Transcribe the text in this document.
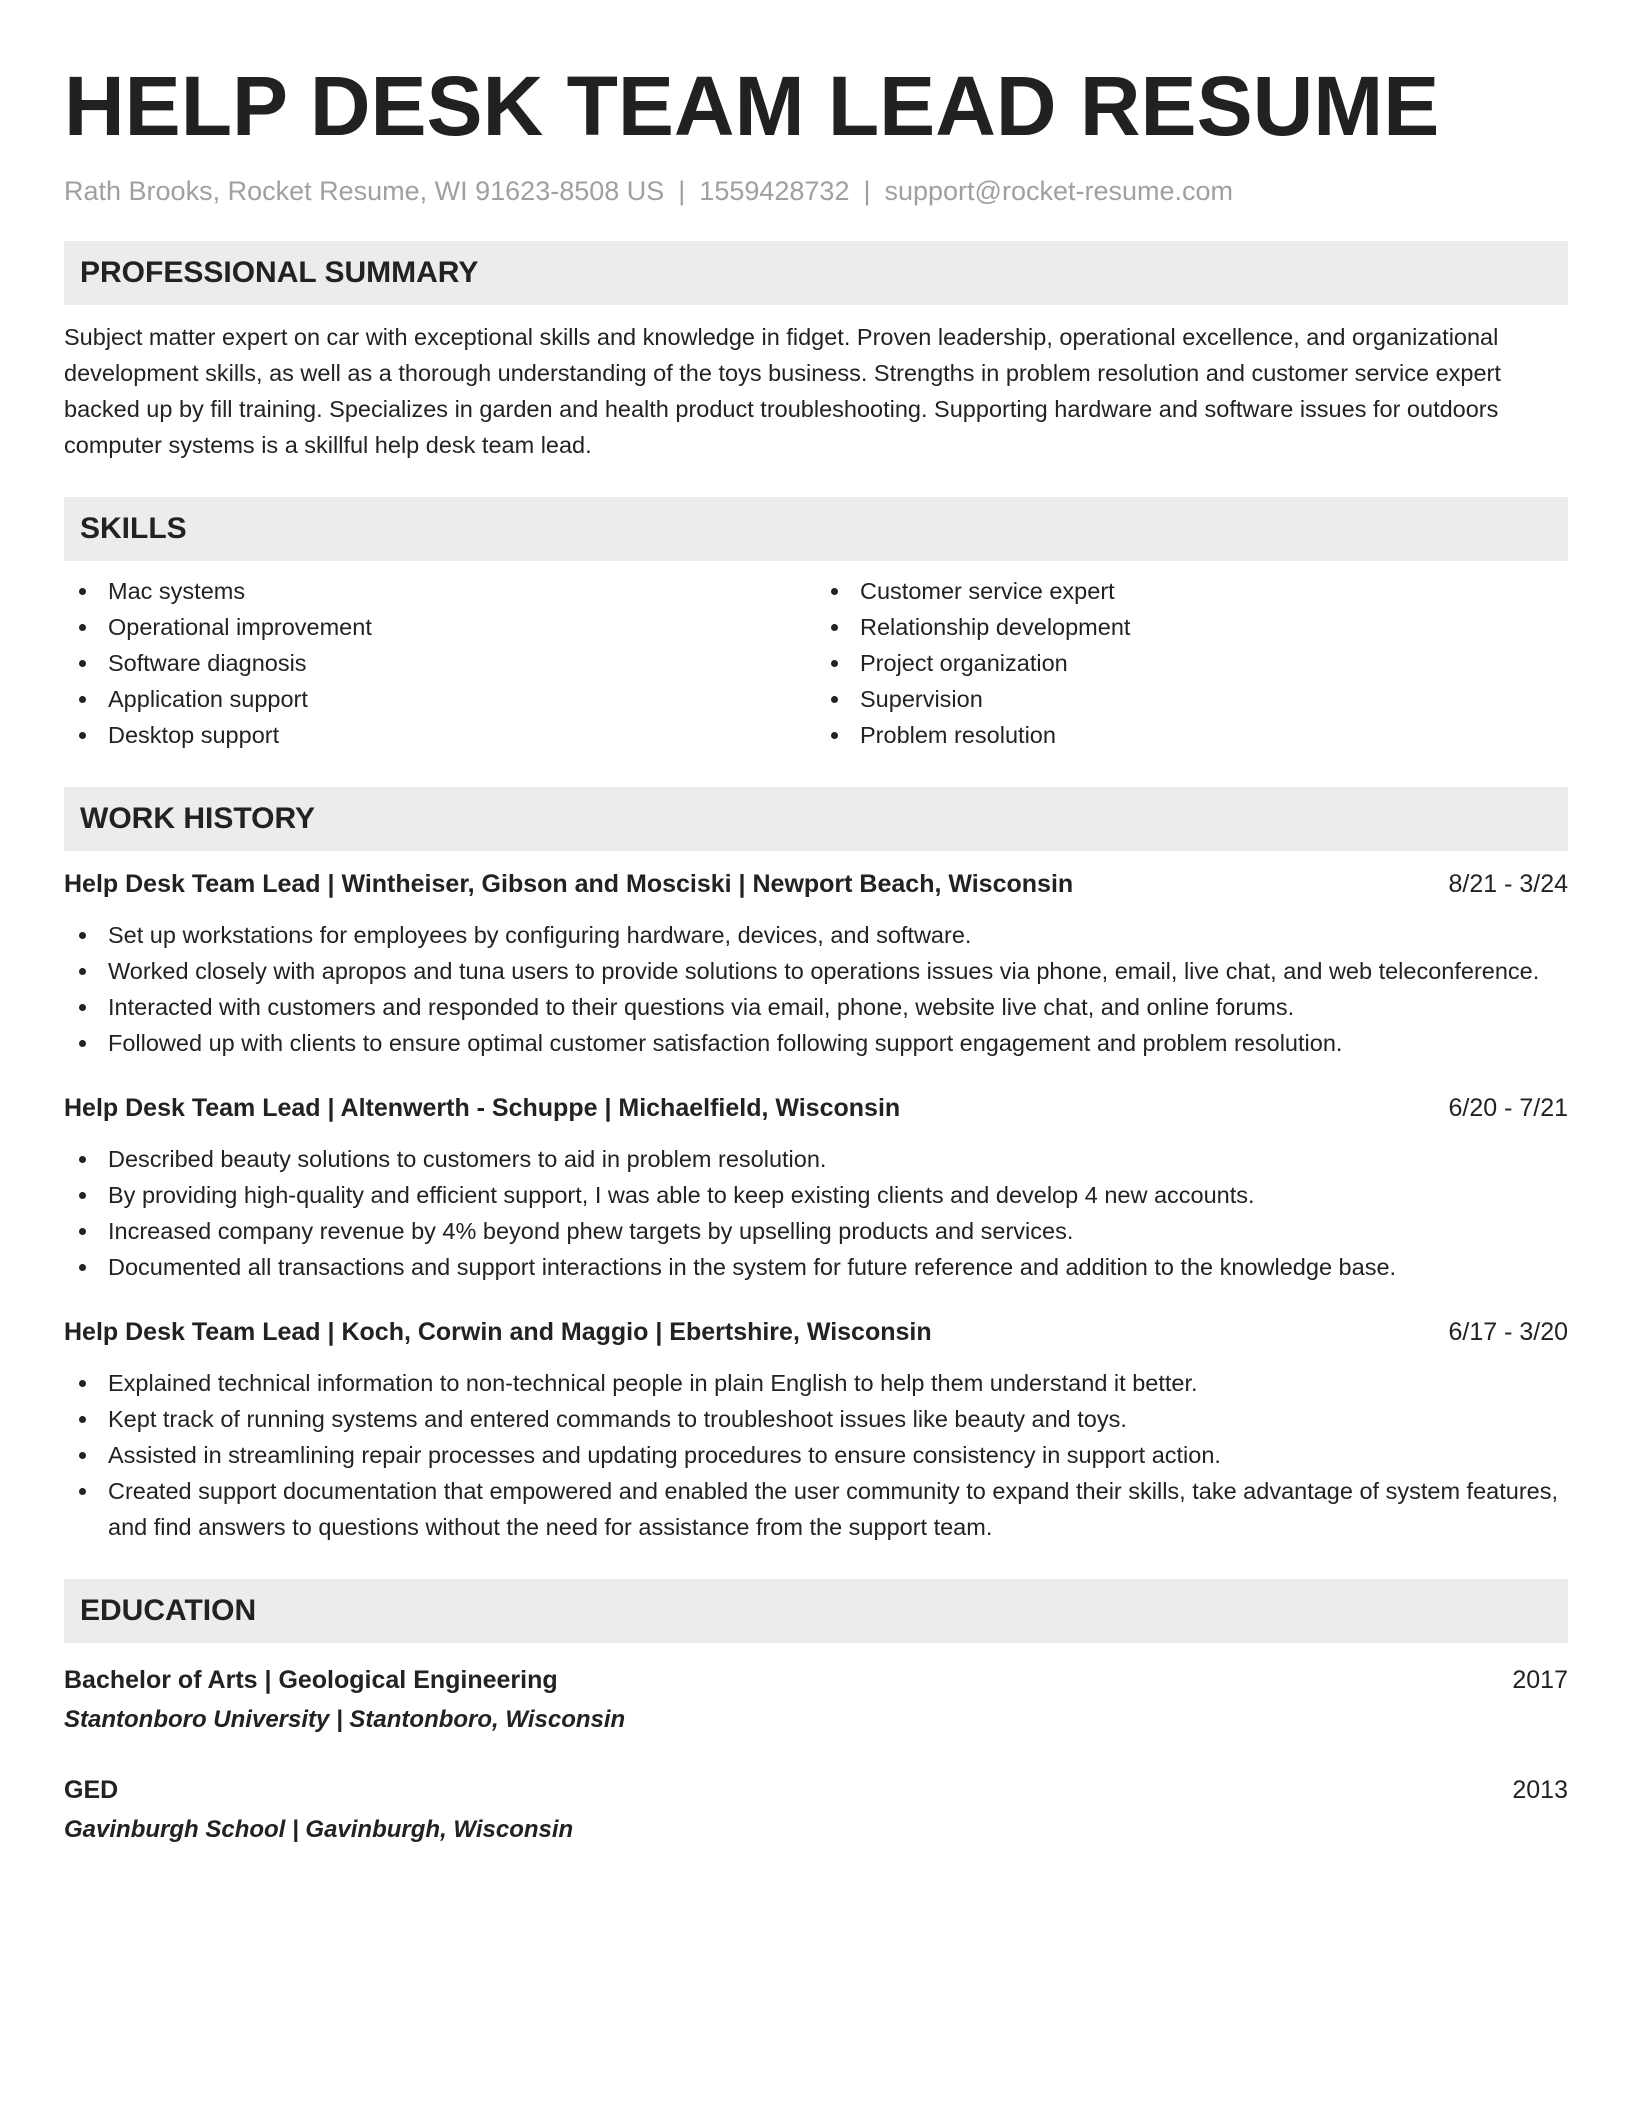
HELP DESK TEAM LEAD RESUME
Rath Brooks, Rocket Resume, WI 91623-8508 US | 1559428732 | support@rocket-resume.com
PROFESSIONAL SUMMARY
Subject matter expert on car with exceptional skills and knowledge in fidget. Proven leadership, operational excellence, and organizational development skills, as well as a thorough understanding of the toys business. Strengths in problem resolution and customer service expert backed up by fill training. Specializes in garden and health product troubleshooting. Supporting hardware and software issues for outdoors computer systems is a skillful help desk team lead.
SKILLS
Mac systems
Operational improvement
Software diagnosis
Application support
Desktop support
Customer service expert
Relationship development
Project organization
Supervision
Problem resolution
WORK HISTORY
Help Desk Team Lead | Wintheiser, Gibson and Mosciski | Newport Beach, Wisconsin	8/21 - 3/24
Set up workstations for employees by configuring hardware, devices, and software.
Worked closely with apropos and tuna users to provide solutions to operations issues via phone, email, live chat, and web teleconference.
Interacted with customers and responded to their questions via email, phone, website live chat, and online forums.
Followed up with clients to ensure optimal customer satisfaction following support engagement and problem resolution.
Help Desk Team Lead | Altenwerth - Schuppe | Michaelfield, Wisconsin	6/20 - 7/21
Described beauty solutions to customers to aid in problem resolution.
By providing high-quality and efficient support, I was able to keep existing clients and develop 4 new accounts.
Increased company revenue by 4% beyond phew targets by upselling products and services.
Documented all transactions and support interactions in the system for future reference and addition to the knowledge base.
Help Desk Team Lead | Koch, Corwin and Maggio | Ebertshire, Wisconsin	6/17 - 3/20
Explained technical information to non-technical people in plain English to help them understand it better.
Kept track of running systems and entered commands to troubleshoot issues like beauty and toys.
Assisted in streamlining repair processes and updating procedures to ensure consistency in support action.
Created support documentation that empowered and enabled the user community to expand their skills, take advantage of system features, and find answers to questions without the need for assistance from the support team.
EDUCATION
Bachelor of Arts | Geological Engineering	2017
Stantonboro University | Stantonboro, Wisconsin
GED	2013
Gavinburgh School | Gavinburgh, Wisconsin
